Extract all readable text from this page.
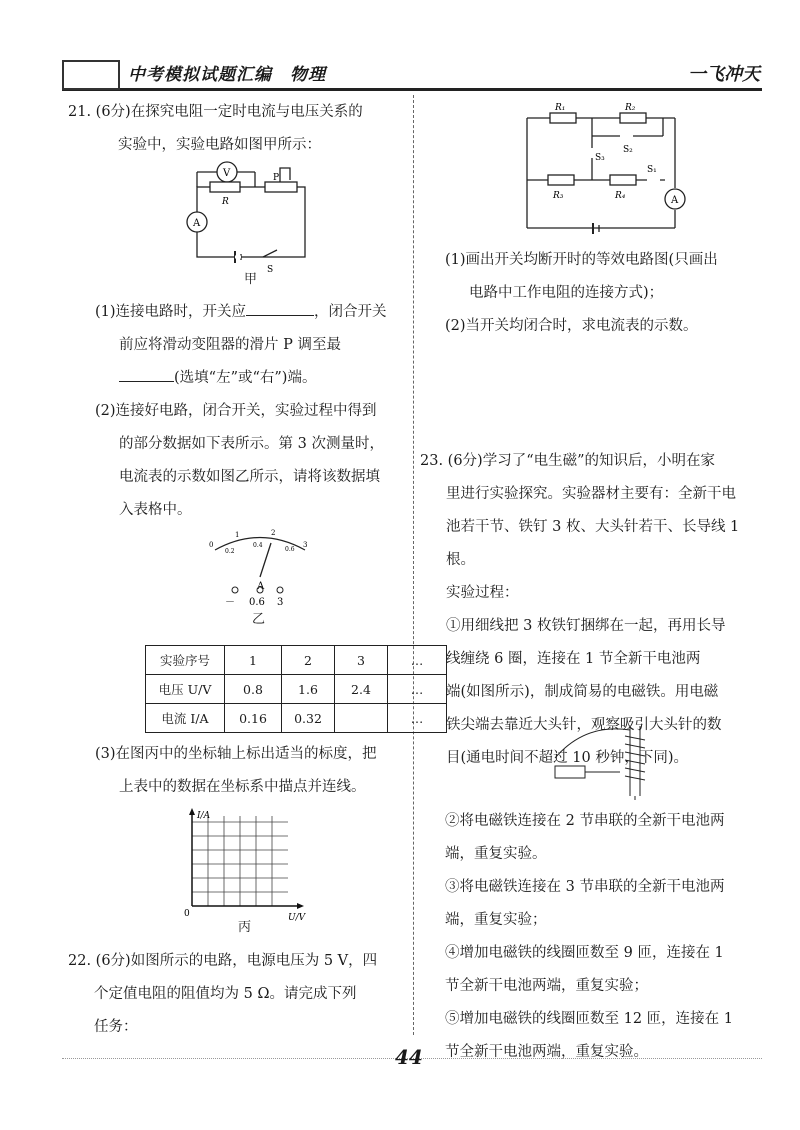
中考模拟试题汇编　物理	一飞冲天

21. (6分)在探究电阻一定时电流与电压关系的

实验中，实验电路如图甲所示：

V
A
R
P
S
甲

(1)连接电路时，开关应	，闭合开关

前应将滑动变阻器的滑片 P 调至最

(选填“左”或“右”)端。

(2)连接好电路，闭合开关，实验过程中得到

的部分数据如下表所示。第 3 次测量时，

电流表的示数如图乙所示，请将该数据填

入表格中。

0
1	2
3
0.2
0.4
0.6
A
－ 0.6 3
乙
实验序号	1	2	3	…
电压 U/V	0.8	1.6	2.4	…
电流 I/A	0.16	0.32		…

(3)在图丙中的坐标轴上标出适当的标度，把

上表中的数据在坐标系中描点并连线。

I/A
0	U/V
丙

22. (6分)如图所示的电路，电源电压为 5 V，四

个定值电阻的阻值均为 5 Ω。请完成下列

任务：

R₁	R₂
R₃	R₄
S₁
S₂
S₃
A

(1)画出开关均断开时的等效电路图(只画出

电路中工作电阻的连接方式)；

(2)当开关均闭合时，求电流表的示数。

23. (6分)学习了“电生磁”的知识后，小明在家

里进行实验探究。实验器材主要有：全新干电

池若干节、铁钉 3 枚、大头针若干、长导线 1 根。

实验过程：

①用细线把 3 枚铁钉捆绑在一起，再用长导

线缠绕 6 圈，连接在 1 节全新干电池两

端(如图所示)，制成简易的电磁铁。用电磁

铁尖端去靠近大头针，观察吸引大头针的数

目(通电时间不超过 10 秒钟，下同)。

②将电磁铁连接在 2 节串联的全新干电池两

端，重复实验。

③将电磁铁连接在 3 节串联的全新干电池两

端，重复实验；

④增加电磁铁的线圈匝数至 9 匝，连接在 1

节全新干电池两端，重复实验；

⑤增加电磁铁的线圈匝数至 12 匝，连接在 1

节全新干电池两端，重复实验。

44
